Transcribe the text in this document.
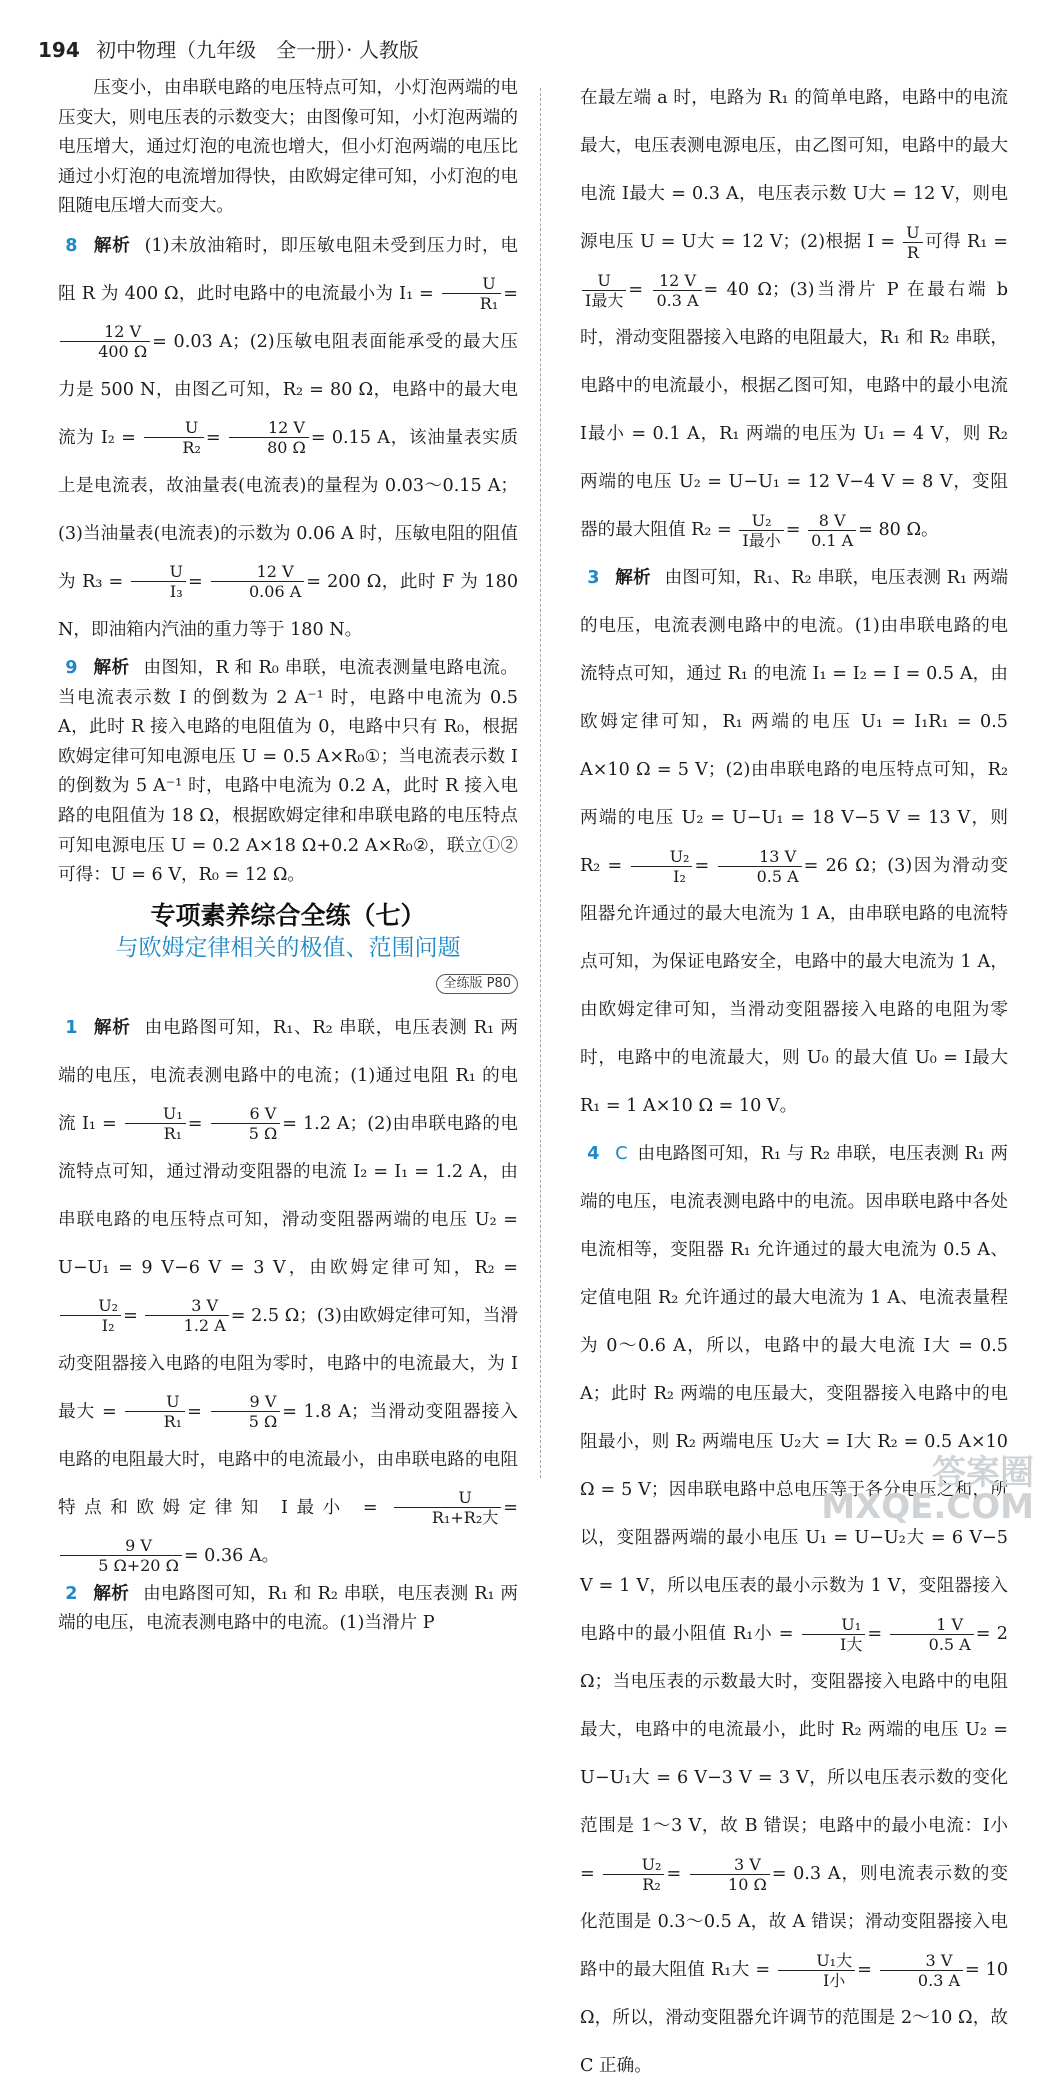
194 初中物理（九年级　全一册）· 人教版

压变小，由串联电路的电压特点可知，小灯泡两端的电压变大，则电压表的示数变大；由图像可知，小灯泡两端的电压增大，通过灯泡的电流也增大，但小灯泡两端的电压比通过小灯泡的电流增加得快，由欧姆定律可知，小灯泡的电阻随电压增大而变大。

8 解析 (1)未放油箱时，即压敏电阻未受到压力时，电阻 R 为 400 Ω，此时电路中的电流最小为 $I_1 = \frac{U}{\text{R₁}}$ =
$\frac{12 V}{400 \Omega} = 0.03$ A；(2)压敏电阻表面能承受的最大压力是 500 N，由图乙可知，R₂ = 80 Ω，电路中的最大电流为 $I_2 = \frac{U}{\text{R₂}} = \frac{12 V}{80 \Omega} = 0.15$ A，该油量表实质上是电流表，故油量表(电流表)的量程为 0.03～0.15 A；(3)当油量表(电流表)的示数为 0.06 A 时，压敏电阻的阻值为 $R_3 = \frac{U}{\text{I₃}} = \frac{12 V}{0.06 A} = 200$ Ω，此时 F 为 180 N，即油箱内汽油的重力等于 180 N。

9 解析 由图知，R 和 R₀ 串联，电流表测量电路电流。当电流表示数 I 的倒数为 2 A⁻¹ 时，电路中电流为 0.5 A，此时 R 接入电路的电阻值为 0，电路中只有 R₀，根据欧姆定律可知电源电压 U = 0.5 A×R₀①；当电流表示数 I 的倒数为 5 A⁻¹ 时，电路中电流为 0.2 A，此时 R 接入电路的电阻值为 18 Ω，根据欧姆定律和串联电路的电压特点可知电源电压 U = 0.2 A×18 Ω+0.2 A×R₀②，联立①②可得：U = 6 V，R₀ = 12 Ω。

专项素养综合全练（七）
与欧姆定律相关的极值、范围问题
全练版 P80

1 解析 由电路图可知，R₁、R₂ 串联，电压表测 R₁ 两端的电压，电流表测电路中的电流；(1)通过电阻 R₁ 的电流 $I_1 = \frac{\text{U₁}}{\text{R₁}} = \frac{6 V}{5 \Omega} = 1.2$ A；(2)由串联电路的电流特点可知，通过滑动变阻器的电流 I₂ = I₁ = 1.2 A，由串联电路的电压特点可知，滑动变阻器两端的电压 U₂ = U−U₁ = 9 V−6 V = 3 V，由欧姆定律可知，R₂ =
$\frac{\text{U₂}}{\text{I₂}} = \frac{3 V}{1.2 A} = 2.5$ Ω；(3)由欧姆定律可知，当滑动变阻器接入电路的电阻为零时，电路中的电流最大，为 I最大 = $\frac{U}{\text{R₁}} = \frac{9 V}{5 \Omega} = 1.8$ A；当滑动变阻器接入电路的电阻最大时，电路中的电流最小，由串联电路的电阻特点和欧姆定律知 I最小 =	U
R₁+R₂大 =
$\frac{9 V}{5 \Omega+20 \Omega} = 0.36$ A。

2 解析 由电路图可知，R₁ 和 R₂ 串联，电压表测 R₁ 两端的电压，电流表测电路中的电流。(1)当滑片 P

在最左端 a 时，电路为 R₁ 的简单电路，电路中的电流最大，电压表测电源电压，由乙图可知，电路中的最大电流 I最大 = 0.3 A，电压表示数 U大 = 12 V，则电源电压 U = U大 = 12 V；(2)根据 $I = \frac{U}{R}$ 可得 R₁ =
U
I最大 = $\frac{12 V}{0.3 A} = 40$ Ω；(3)当滑片 P 在最右端 b 时，滑动变阻器接入电路的电阻最大，R₁ 和 R₂ 串联，电路中的电流最小，根据乙图可知，电路中的最小电流 I最小 = 0.1 A，R₁ 两端的电压为 U₁ = 4 V，则 R₂ 两端的电压 U₂ = U−U₁ = 12 V−4 V = 8 V，变阻器的最大阻值 R₂ =	U₂
I最小 = $\frac{8 V}{0.1 A} = 80$ Ω。

3 解析 由图可知，R₁、R₂ 串联，电压表测 R₁ 两端的电压，电流表测电路中的电流。(1)由串联电路的电流特点可知，通过 R₁ 的电流 I₁ = I₂ = I = 0.5 A，由欧姆定律可知，R₁ 两端的电压 U₁ = I₁R₁ = 0.5 A×10 Ω = 5 V；(2)由串联电路的电压特点可知，R₂ 两端的电压 U₂ = U−U₁ = 18 V−5 V = 13 V，则 $R_2 = \frac{\text{U₂}}{\text{I₂}} = \frac{13 V}{0.5 A} = 26$ Ω；(3)因为滑动变阻器允许通过的最大电流为 1 A，由串联电路的电流特点可知，为保证电路安全，电路中的最大电流为 1 A，由欧姆定律可知，当滑动变阻器接入电路的电阻为零时，电路中的电流最大，则 U₀ 的最大值 U₀ = I最大R₁ = 1 A×10 Ω = 10 V。

4 C 由电路图可知，R₁ 与 R₂ 串联，电压表测 R₁ 两端的电压，电流表测电路中的电流。因串联电路中各处电流相等，变阻器 R₁ 允许通过的最大电流为 0.5 A、定值电阻 R₂ 允许通过的最大电流为 1 A、电流表量程为 0～0.6 A，所以，电路中的最大电流 I大 = 0.5 A；此时 R₂ 两端的电压最大，变阻器接入电路中的电阻最小，则 R₂ 两端电压 U₂大 = I大 R₂ = 0.5 A×10 Ω = 5 V；因串联电路中总电压等于各分电压之和，所以，变阻器两端的最小电压 U₁ = U−U₂大 = 6 V−5 V = 1 V，所以电压表的最小示数为 1 V，变阻器接入电路中的最小阻值 R₁小 =	U₁
I大 = $\frac{1 V}{0.5 A} = 2$ Ω；当电压表的示数最大时，变阻器接入电路中的电阻最大，电路中的电流最小，此时 R₂ 两端的电压 U₂ = U−U₁大 = 6 V−3 V = 3 V，所以电压表示数的变化范围是 1～3 V，故 B 错误；电路中的最小电流：I小 = $\frac{\text{U₂}}{\text{R₂}} = \frac{3 V}{10 \Omega} = 0.3$ A，则电流表示数的变化范围是 0.3～0.5 A，故 A 错误；滑动变阻器接入电路中的最大阻值 R₁大 =	U₁大
I小 = $\frac{3 V}{0.3 A} = 10$ Ω，所以，滑动变阻器允许调节的范围是 2～10 Ω，故 C 正确。

答案圈
MXQE.COM
